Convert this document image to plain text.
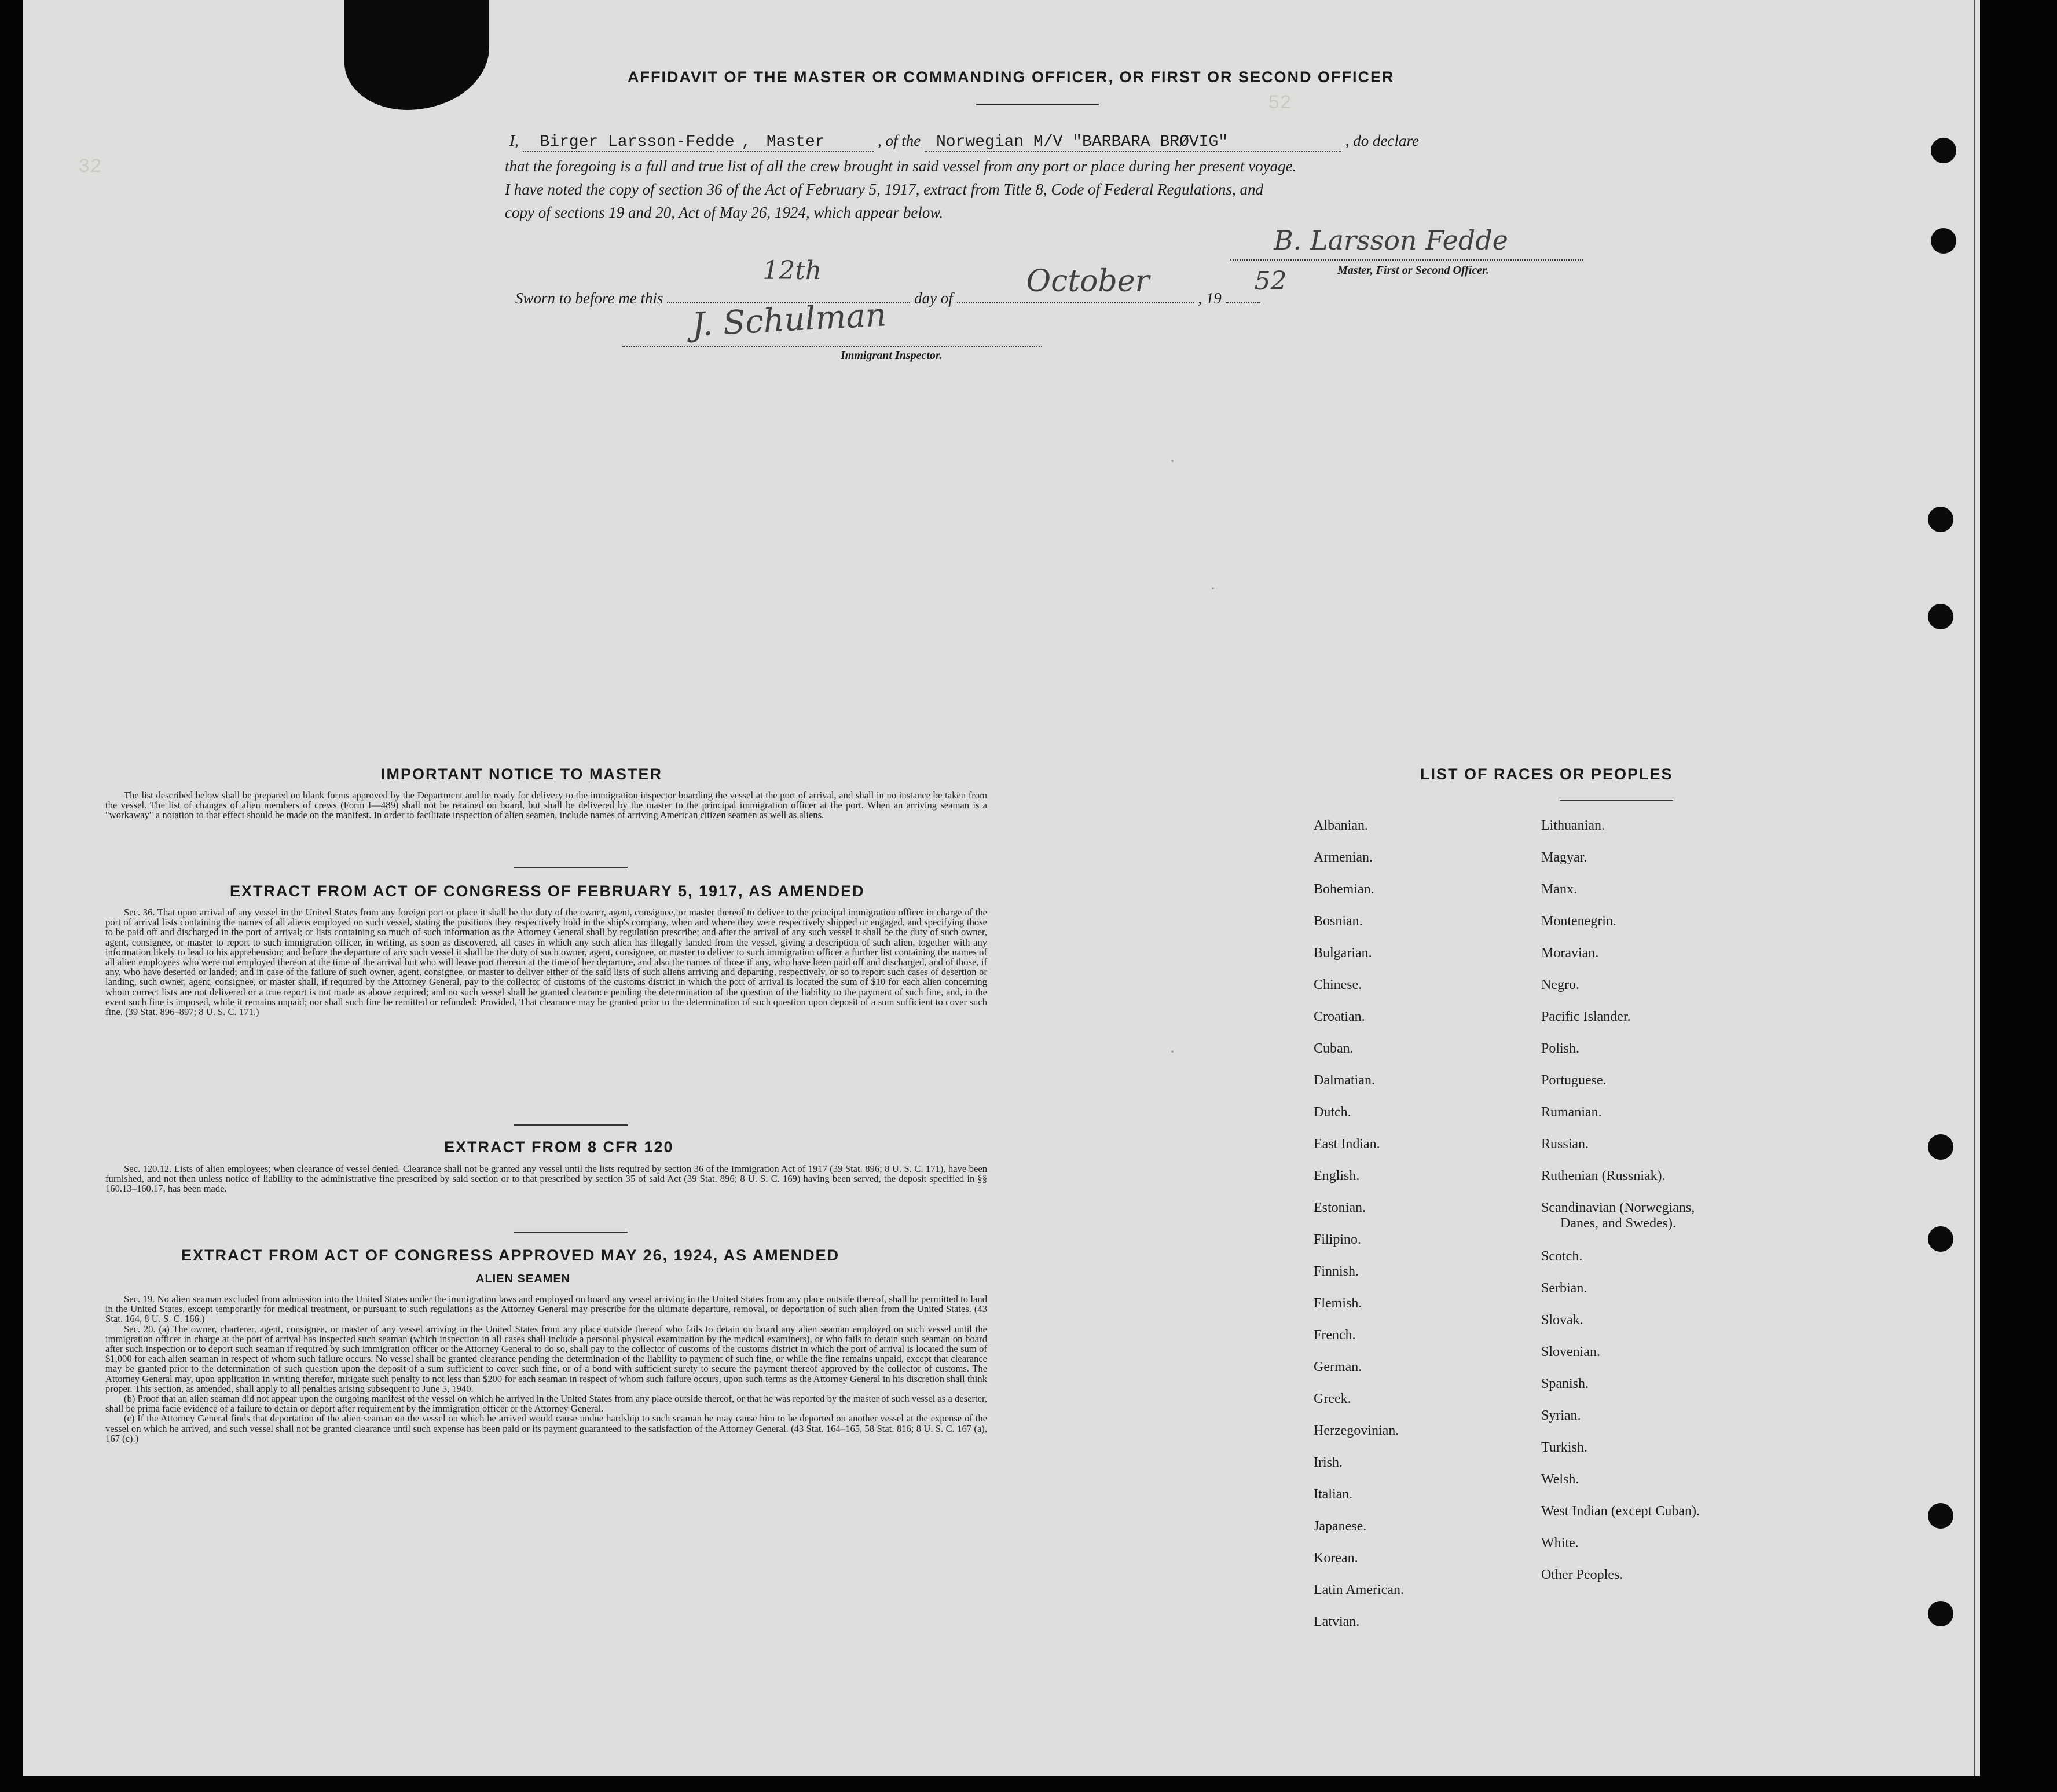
52
32
·
·
·
AFFIDAVIT OF THE MASTER OR COMMANDING OFFICER, OR FIRST OR SECOND OFFICER
I, Birger Larsson-Fedde , Master	, of the Norwegian M/V "BARBARA BRØVIG"	, do declare
that the foregoing is a full and true list of all the crew brought in said vessel from any port or place during her present voyage.
I have noted the copy of section 36 of the Act of February 5, 1917, extract from Title 8, Code of Federal Regulations, and
copy of sections 19 and 20, Act of May 26, 1924, which appear below.
B. Larsson Fedde
Master, First or Second Officer.
Sworn to before me this
12th
day of October	, 19
52
J. Schulman
Immigrant Inspector.
IMPORTANT NOTICE TO MASTER

The list described below shall be prepared on blank forms approved by the Department and be ready for delivery to the immigration inspector boarding the vessel at the port of arrival, and shall in no instance be taken from the vessel. The list of changes of alien members of crews (Form I—489) shall not be retained on board, but shall be delivered by the master to the principal immigration officer at the port. When an arriving seaman is a "workaway" a notation to that effect should be made on the manifest. In order to facilitate inspection of alien seamen, include names of arriving American citizen seamen as well as aliens.

EXTRACT FROM ACT OF CONGRESS OF FEBRUARY 5, 1917, AS AMENDED

Sec. 36. That upon arrival of any vessel in the United States from any foreign port or place it shall be the duty of the owner, agent, consignee, or master thereof to deliver to the principal immigration officer in charge of the port of arrival lists containing the names of all aliens employed on such vessel, stating the positions they respectively hold in the ship's company, when and where they were respectively shipped or engaged, and specifying those to be paid off and discharged in the port of arrival; or lists containing so much of such information as the Attorney General shall by regulation prescribe; and after the arrival of any such vessel it shall be the duty of such owner, agent, consignee, or master to report to such immigration officer, in writing, as soon as discovered, all cases in which any such alien has illegally landed from the vessel, giving a description of such alien, together with any information likely to lead to his apprehension; and before the departure of any such vessel it shall be the duty of such owner, agent, consignee, or master to deliver to such immigration officer a further list containing the names of all alien employees who were not employed thereon at the time of the arrival but who will leave port thereon at the time of her departure, and also the names of those if any, who have been paid off and discharged, and of those, if any, who have deserted or landed; and in case of the failure of such owner, agent, consignee, or master to deliver either of the said lists of such aliens arriving and departing, respectively, or so to report such cases of desertion or landing, such owner, agent, consignee, or master shall, if required by the Attorney General, pay to the collector of customs of the customs district in which the port of arrival is located the sum of $10 for each alien concerning whom correct lists are not delivered or a true report is not made as above required; and no such vessel shall be granted clearance pending the determination of the question of the liability to the payment of such fine, and, in the event such fine is imposed, while it remains unpaid; nor shall such fine be remitted or refunded: Provided, That clearance may be granted prior to the determination of such question upon deposit of a sum sufficient to cover such fine. (39 Stat. 896–897; 8 U. S. C. 171.)

EXTRACT FROM 8 CFR 120

Sec. 120.12. Lists of alien employees; when clearance of vessel denied. Clearance shall not be granted any vessel until the lists required by section 36 of the Immigration Act of 1917 (39 Stat. 896; 8 U. S. C. 171), have been furnished, and not then unless notice of liability to the administrative fine prescribed by said section or to that prescribed by section 35 of said Act (39 Stat. 896; 8 U. S. C. 169) having been served, the deposit specified in §§ 160.13–160.17, has been made.

EXTRACT FROM ACT OF CONGRESS APPROVED MAY 26, 1924, AS AMENDED
ALIEN SEAMEN

Sec. 19. No alien seaman excluded from admission into the United States under the immigration laws and employed on board any vessel arriving in the United States from any place outside thereof, shall be permitted to land in the United States, except temporarily for medical treatment, or pursuant to such regulations as the Attorney General may prescribe for the ultimate departure, removal, or deportation of such alien from the United States. (43 Stat. 164, 8 U. S. C. 166.)

Sec. 20. (a) The owner, charterer, agent, consignee, or master of any vessel arriving in the United States from any place outside thereof who fails to detain on board any alien seaman employed on such vessel until the immigration officer in charge at the port of arrival has inspected such seaman (which inspection in all cases shall include a personal physical examination by the medical examiners), or who fails to detain such seaman on board after such inspection or to deport such seaman if required by such immigration officer or the Attorney General to do so, shall pay to the collector of customs of the customs district in which the port of arrival is located the sum of $1,000 for each alien seaman in respect of whom such failure occurs. No vessel shall be granted clearance pending the determination of the liability to payment of such fine, or while the fine remains unpaid, except that clearance may be granted prior to the determination of such question upon the deposit of a sum sufficient to cover such fine, or of a bond with sufficient surety to secure the payment thereof approved by the collector of customs. The Attorney General may, upon application in writing therefor, mitigate such penalty to not less than $200 for each seaman in respect of whom such failure occurs, upon such terms as the Attorney General in his discretion shall think proper. This section, as amended, shall apply to all penalties arising subsequent to June 5, 1940.

(b) Proof that an alien seaman did not appear upon the outgoing manifest of the vessel on which he arrived in the United States from any place outside thereof, or that he was reported by the master of such vessel as a deserter, shall be prima facie evidence of a failure to detain or deport after requirement by the immigration officer or the Attorney General.

(c) If the Attorney General finds that deportation of the alien seaman on the vessel on which he arrived would cause undue hardship to such seaman he may cause him to be deported on another vessel at the expense of the vessel on which he arrived, and such vessel shall not be granted clearance until such expense has been paid or its payment guaranteed to the satisfaction of the Attorney General. (43 Stat. 164–165, 58 Stat. 816; 8 U. S. C. 167 (a), 167 (c).)

LIST OF RACES OR PEOPLES
Albanian.
Armenian.
Bohemian.
Bosnian.
Bulgarian.
Chinese.
Croatian.
Cuban.
Dalmatian.
Dutch.
East Indian.
English.
Estonian.
Filipino.
Finnish.
Flemish.
French.
German.
Greek.
Herzegovinian.
Irish.
Italian.
Japanese.
Korean.
Latin American.
Latvian.
Lithuanian.
Magyar.
Manx.
Montenegrin.
Moravian.
Negro.
Pacific Islander.
Polish.
Portuguese.
Rumanian.
Russian.
Ruthenian (Russniak).
Scandinavian (Norwegians,
Danes, and Swedes).
Scotch.
Serbian.
Slovak.
Slovenian.
Spanish.
Syrian.
Turkish.
Welsh.
West Indian (except Cuban).
White.
Other Peoples.
